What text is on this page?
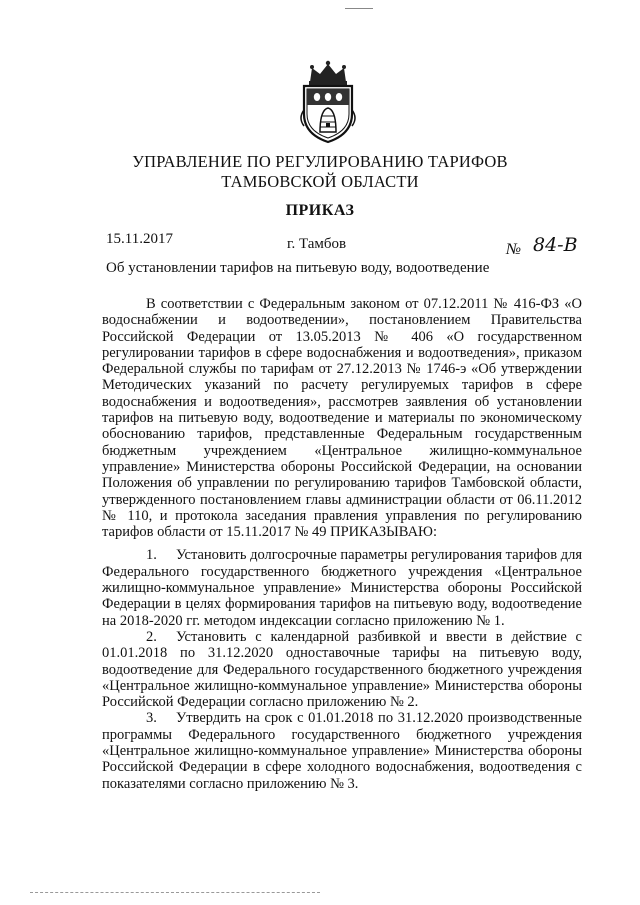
УПРАВЛЕНИЕ ПО РЕГУЛИРОВАНИЮ ТАРИФОВ
ТАМБОВСКОЙ ОБЛАСТИ
ПРИКАЗ
15.11.2017	г. Тамбов	№ 84-В
Об установлении тарифов на питьевую воду, водоотведение

В соответствии с Федеральным законом от 07.12.2011 № 416-ФЗ «О водоснабжении и водоотведении», постановлением Правительства Российской Федерации от 13.05.2013 № 406 «О государственном регулировании тарифов в сфере водоснабжения и водоотведения», приказом Федеральной службы по тарифам от 27.12.2013 № 1746-э «Об утверждении Методических указаний по расчету регулируемых тарифов в сфере водоснабжения и водоотведения», рассмотрев заявления об установлении тарифов на питьевую воду, водоотведение и материалы по экономическому обоснованию тарифов, представленные Федеральным государственным бюджетным учреждением «Центральное жилищно-коммунальное управление» Министерства обороны Российской Федерации, на основании Положения об управлении по регулированию тарифов Тамбовской области, утвержденного постановлением главы администрации области от 06.11.2012 № 110, и протокола заседания правления управления по регулированию тарифов области от 15.11.2017 № 49 ПРИКАЗЫВАЮ:

1. Установить долгосрочные параметры регулирования тарифов для Федерального государственного бюджетного учреждения «Центральное жилищно-коммунальное управление» Министерства обороны Российской Федерации в целях формирования тарифов на питьевую воду, водоотведение на 2018-2020 гг. методом индексации согласно приложению № 1.

2. Установить с календарной разбивкой и ввести в действие с 01.01.2018 по 31.12.2020 одноставочные тарифы на питьевую воду, водоотведение для Федерального государственного бюджетного учреждения «Центральное жилищно-коммунальное управление» Министерства обороны Российской Федерации согласно приложению № 2.

3. Утвердить на срок с 01.01.2018 по 31.12.2020 производственные программы Федерального государственного бюджетного учреждения «Центральное жилищно-коммунальное управление» Министерства обороны Российской Федерации в сфере холодного водоснабжения, водоотведения с показателями согласно приложению № 3.
